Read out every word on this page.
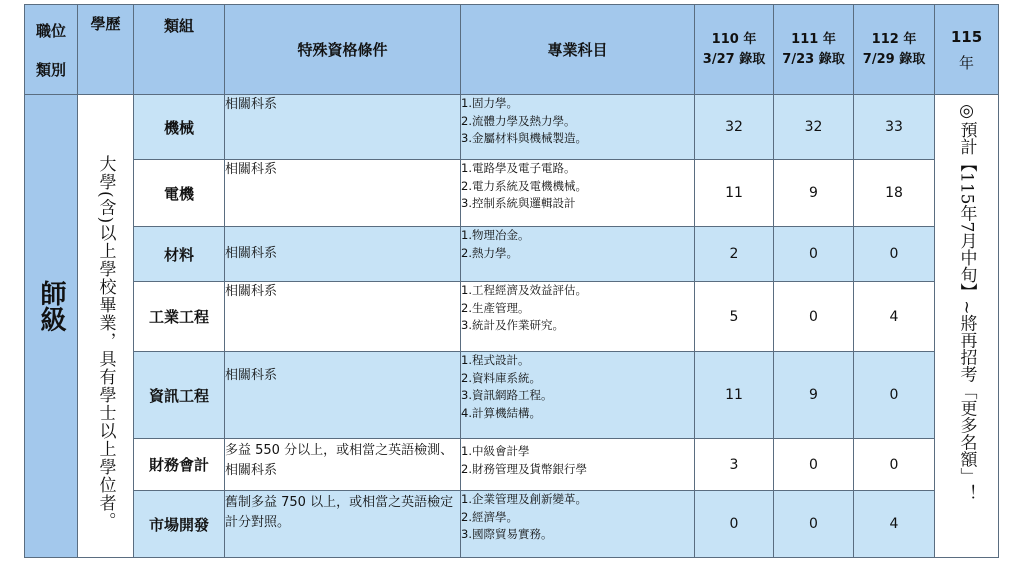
職位
類別	學歷	類組	特殊資格條件	專業科目	110 年
3/27 錄取	111 年
7/23 錄取	112 年
7/29 錄取	115
年

師級	大學(含)以上學校畢業，具有學士以上學位者。	機械	相關科系	1.固力學。
2.流體力學及熱力學。
3.金屬材料與機械製造。	32	32	33	◎預計【115年7月中旬】~將再招考「更多名額」！

		電機	相關科系	1.電路學及電子電路。
2.電力系統及電機機械。
3.控制系統與邏輯設計	11	9	18	
		材料	相關科系	1.物理冶金。
2.熱力學。	2	0	0	
		工業工程	相關科系	1.工程經濟及效益評估。
2.生產管理。
3.統計及作業研究。	5	0	4	
		資訊工程	相關科系	1.程式設計。
2.資料庫系統。
3.資訊網路工程。
4.計算機結構。	11	9	0	
		財務會計	多益 550 分以上，或相當之英語檢測、相關科系	1.中級會計學
2.財務管理及貨幣銀行學	3	0	0	
		市場開發	舊制多益 750 以上，或相當之英語檢定計分對照。	1.企業管理及創新變革。
2.經濟學。
3.國際貿易實務。	0	0	4	
